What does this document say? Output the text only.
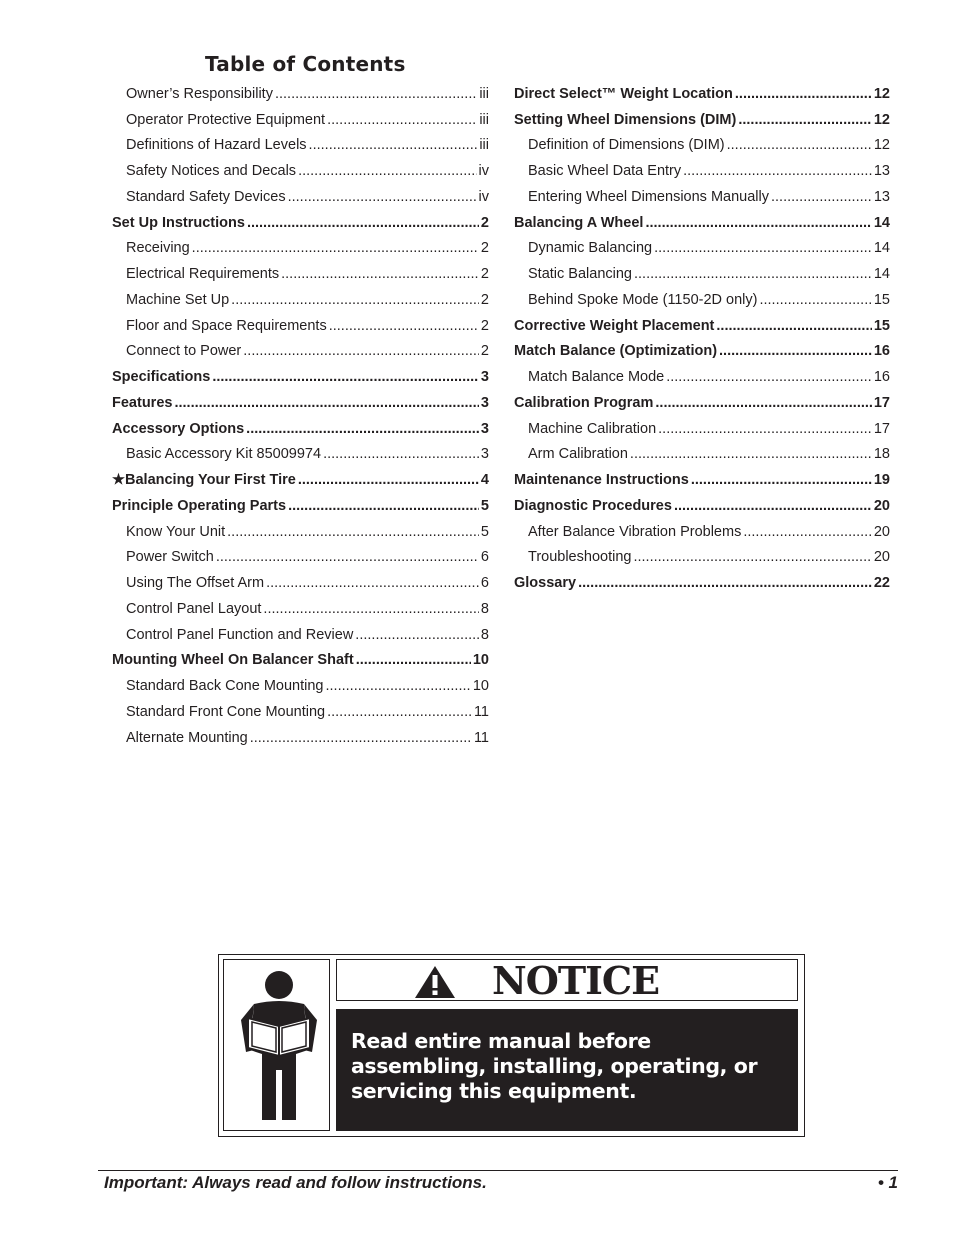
Table of Contents
Owner’s Responsibility .....	iii
Operator Protective Equipment .....	iii
Definitions of Hazard Levels .....	iii
Safety Notices and Decals .....	iv
Standard Safety Devices .....	iv
Set Up Instructions .....	2
Receiving .....	2
Electrical Requirements .....	2
Machine Set Up .....	2
Floor and Space Requirements .....	2
Connect to Power .....	2
Specifications .....	3
Features .....	3
Accessory Options .....	3
Basic Accessory Kit 85009974 .....	3
★Balancing Your First Tire .....	4
Principle Operating Parts .....	5
Know Your Unit .....	5
Power Switch .....	6
Using The Offset Arm .....	6
Control Panel Layout .....	8
Control Panel Function and Review .....	8
Mounting Wheel On Balancer Shaft .....	10
Standard Back Cone Mounting .....	10
Standard Front Cone Mounting .....	11
Alternate Mounting .....	11
Direct Select™ Weight Location .....	12
Setting Wheel Dimensions (DIM) .....	12
Definition of Dimensions (DIM) .....	12
Basic Wheel Data Entry .....	13
Entering Wheel Dimensions Manually .....	13
Balancing A Wheel .....	14
Dynamic Balancing .....	14
Static Balancing .....	14
Behind Spoke Mode (1150-2D only) .....	15
Corrective Weight Placement .....	15
Match Balance (Optimization) .....	16
Match Balance Mode .....	16
Calibration Program .....	17
Machine Calibration .....	17
Arm Calibration .....	18
Maintenance Instructions .....	19
Diagnostic Procedures .....	20
After Balance Vibration Problems .....	20
Troubleshooting .....	20
Glossary .....	22
NOTICE
Read entire manual before assembling, installing, operating, or servicing this equipment.
Important: Always read and follow instructions.	• 1
